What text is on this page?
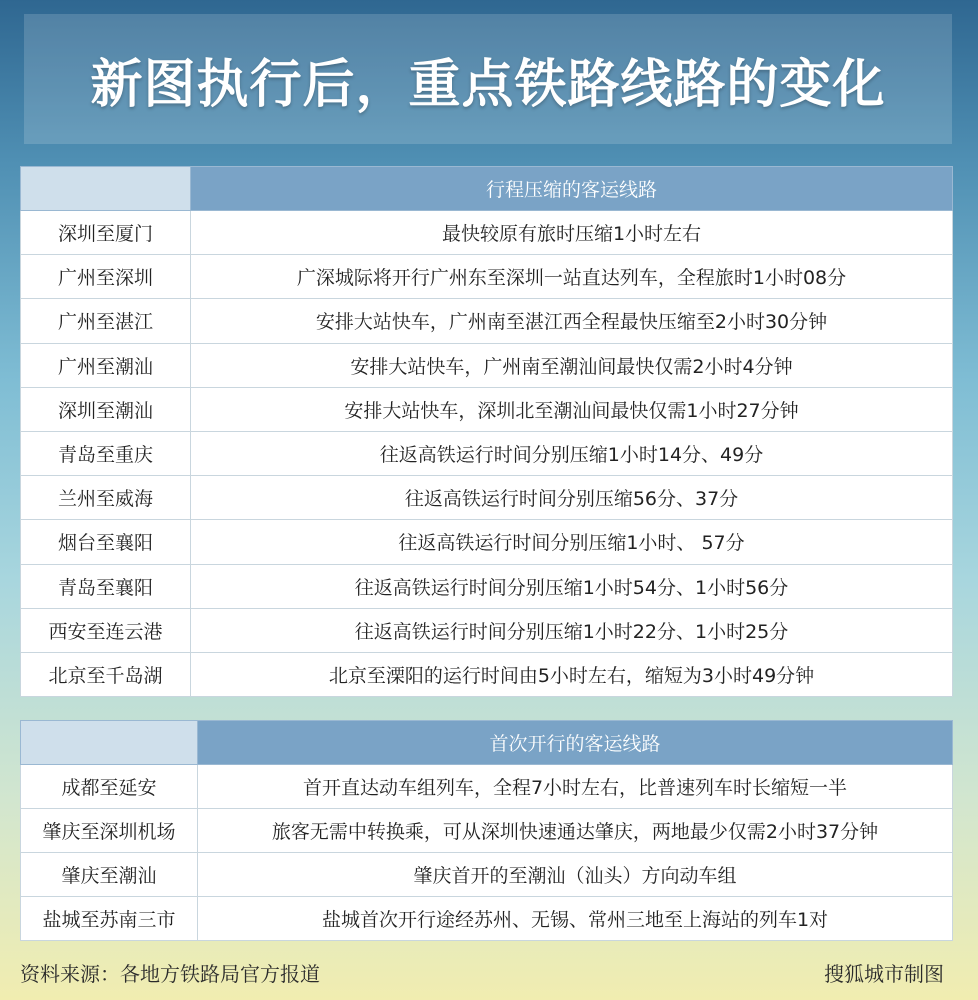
新图执行后，重点铁路线路的变化
	行程压缩的客运线路
深圳至厦门	最快较原有旅时压缩1小时左右
广州至深圳	广深城际将开行广州东至深圳一站直达列车，全程旅时1小时08分
广州至湛江	安排大站快车，广州南至湛江西全程最快压缩至2小时30分钟
广州至潮汕	安排大站快车，广州南至潮汕间最快仅需2小时4分钟
深圳至潮汕	安排大站快车，深圳北至潮汕间最快仅需1小时27分钟
青岛至重庆	往返高铁运行时间分别压缩1小时14分、49分
兰州至威海	往返高铁运行时间分别压缩56分、37分
烟台至襄阳	往返高铁运行时间分别压缩1小时、 57分
青岛至襄阳	往返高铁运行时间分别压缩1小时54分、1小时56分
西安至连云港	往返高铁运行时间分别压缩1小时22分、1小时25分
北京至千岛湖	北京至溧阳的运行时间由5小时左右，缩短为3小时49分钟
	首次开行的客运线路
成都至延安	首开直达动车组列车，全程7小时左右，比普速列车时长缩短一半
肇庆至深圳机场	旅客无需中转换乘，可从深圳快速通达肇庆，两地最少仅需2小时37分钟
肇庆至潮汕	肇庆首开的至潮汕（汕头）方向动车组
盐城至苏南三市	盐城首次开行途经苏州、无锡、常州三地至上海站的列车1对
资料来源：各地方铁路局官方报道	搜狐城市制图
